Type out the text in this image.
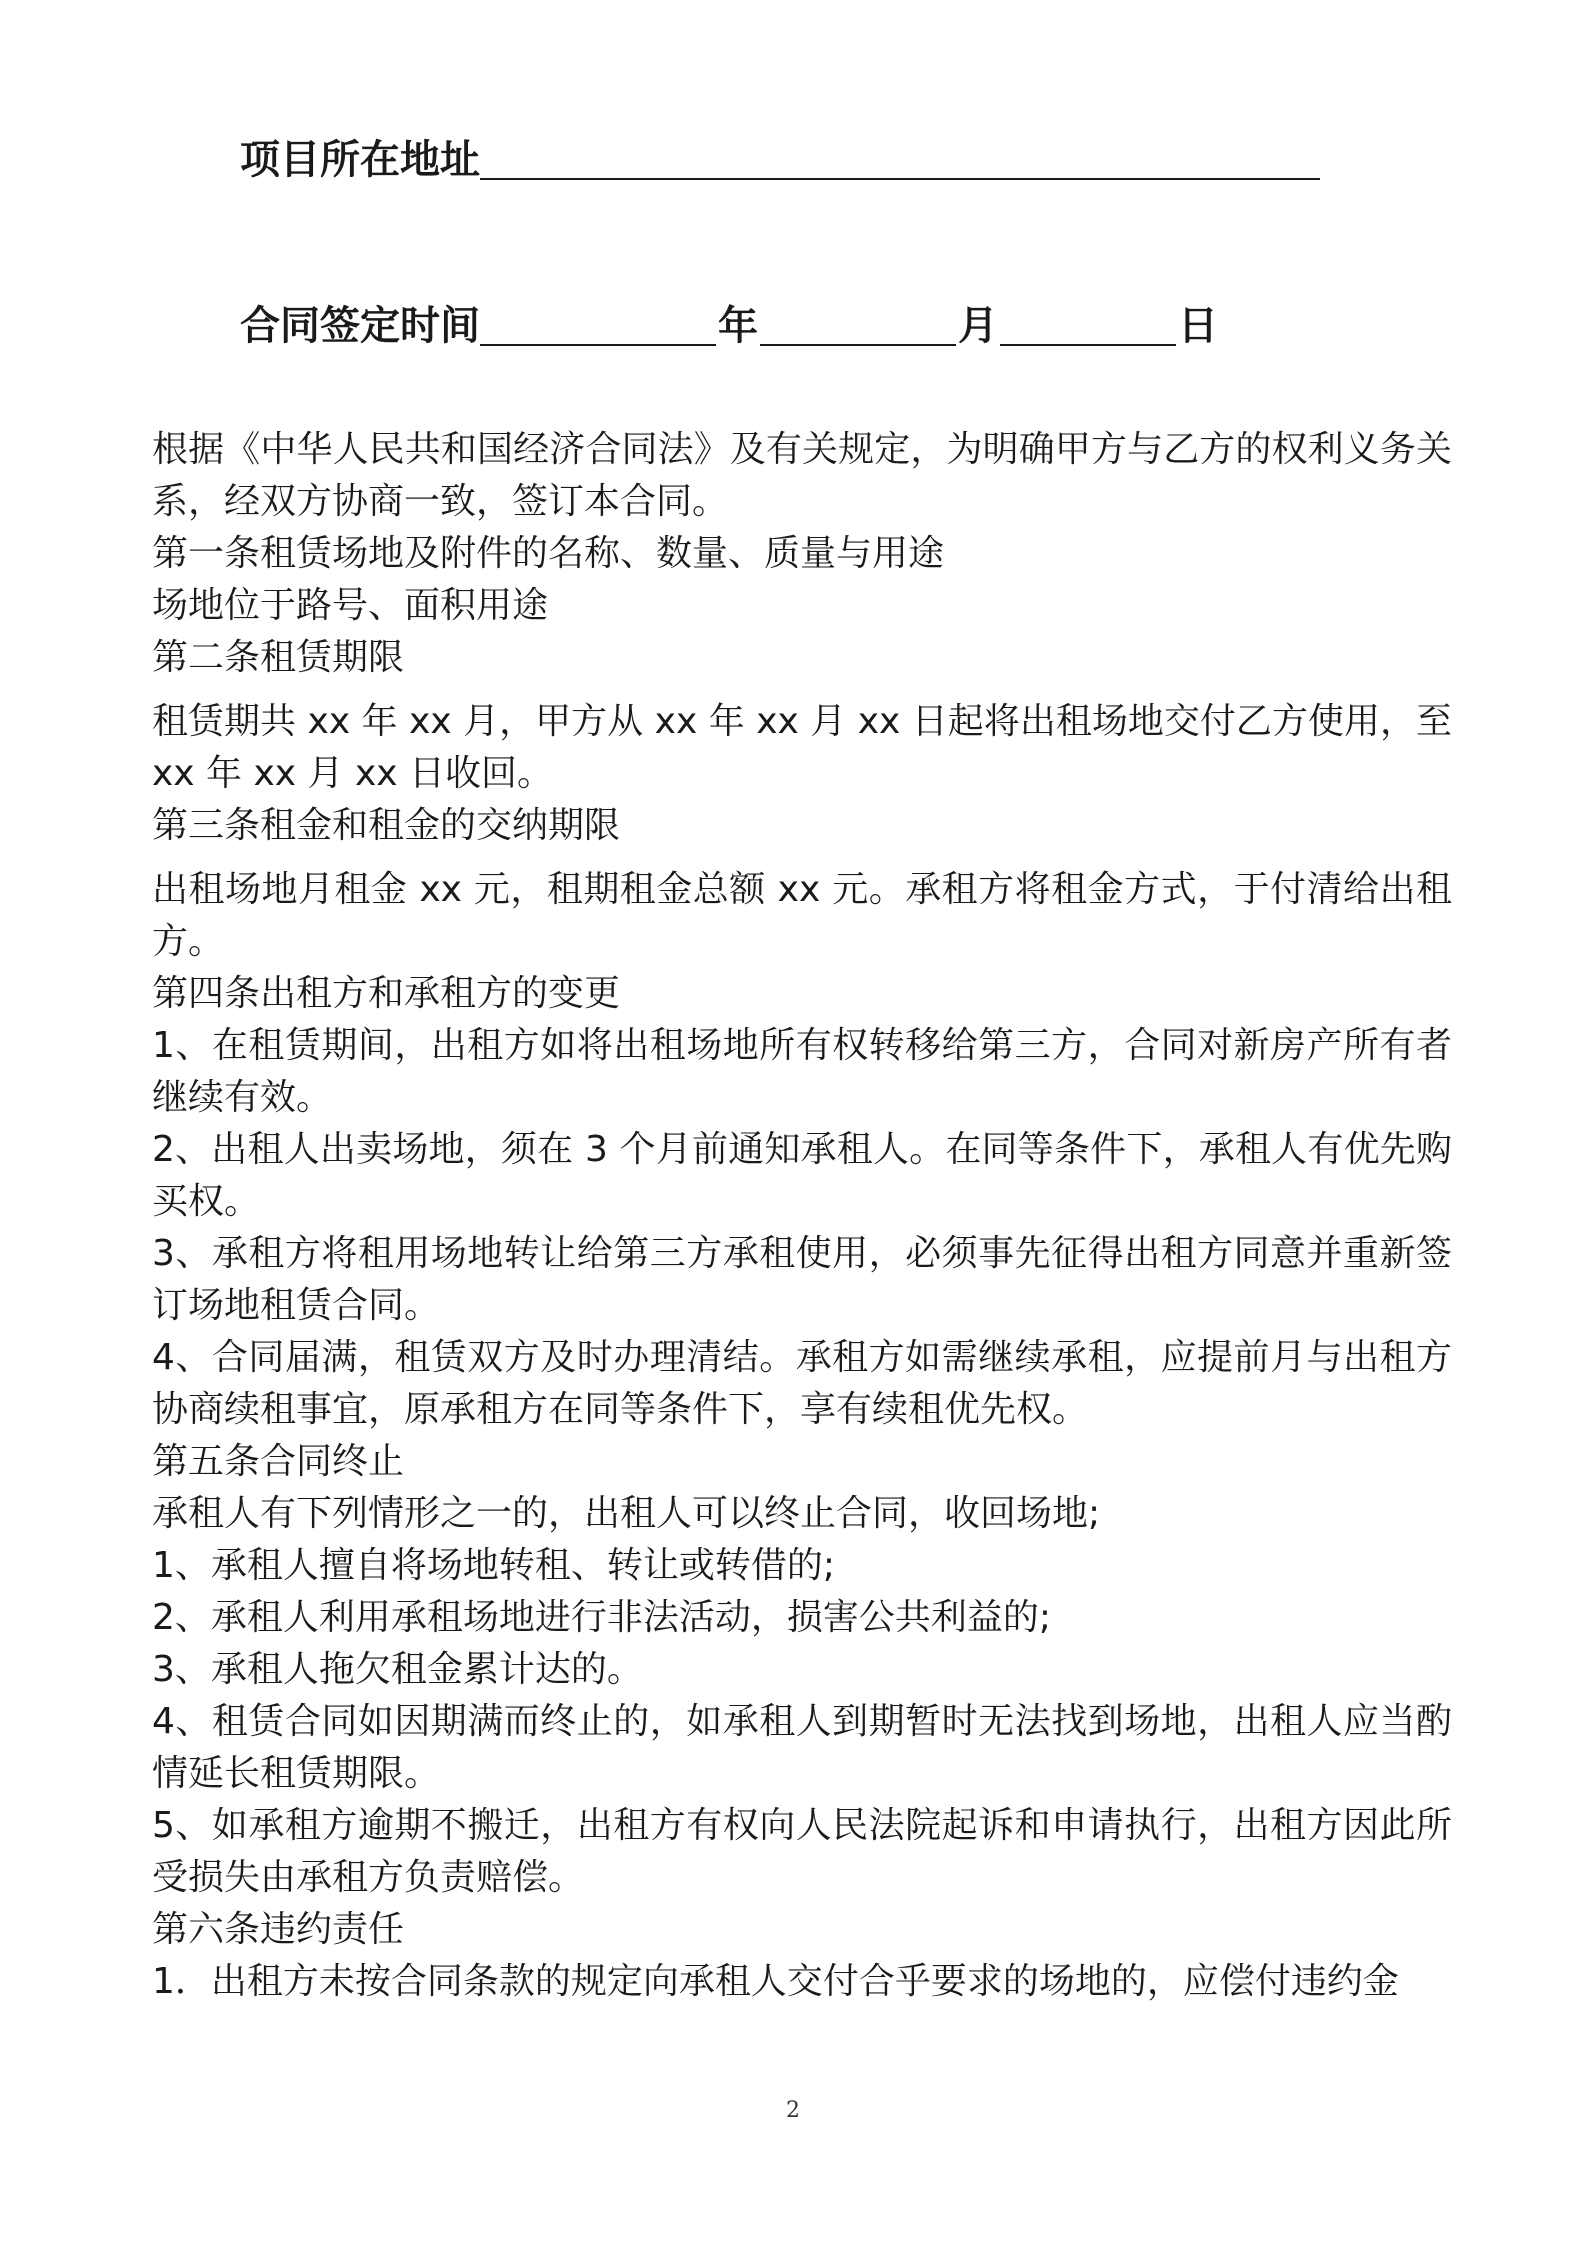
项目所在地址
合同签定时间	年	月	日

根据《中华人民共和国经济合同法》及有关规定，为明确甲方与乙方的权利义务关系，经双方协商一致，签订本合同。

第一条租赁场地及附件的名称、数量、质量与用途

场地位于路号、面积用途

第二条租赁期限

租赁期共 xx 年 xx 月，甲方从 xx 年 xx 月 xx 日起将出租场地交付乙方使用，至 xx 年 xx 月 xx 日收回。

第三条租金和租金的交纳期限

出租场地月租金 xx 元，租期租金总额 xx 元。承租方将租金方式，于付清给出租方。

第四条出租方和承租方的变更

1、在租赁期间，出租方如将出租场地所有权转移给第三方，合同对新房产所有者继续有效。

2、出租人出卖场地，须在 3 个月前通知承租人。在同等条件下，承租人有优先购买权。

3、承租方将租用场地转让给第三方承租使用，必须事先征得出租方同意并重新签订场地租赁合同。

4、合同届满，租赁双方及时办理清结。承租方如需继续承租，应提前月与出租方协商续租事宜，原承租方在同等条件下，享有续租优先权。

第五条合同终止

承租人有下列情形之一的，出租人可以终止合同，收回场地;

1、承租人擅自将场地转租、转让或转借的;

2、承租人利用承租场地进行非法活动，损害公共利益的;

3、承租人拖欠租金累计达的。

4、租赁合同如因期满而终止的，如承租人到期暂时无法找到场地，出租人应当酌情延长租赁期限。

5、如承租方逾期不搬迁，出租方有权向人民法院起诉和申请执行，出租方因此所受损失由承租方负责赔偿。

第六条违约责任

1．出租方未按合同条款的规定向承租人交付合乎要求的场地的，应偿付违约金

2
